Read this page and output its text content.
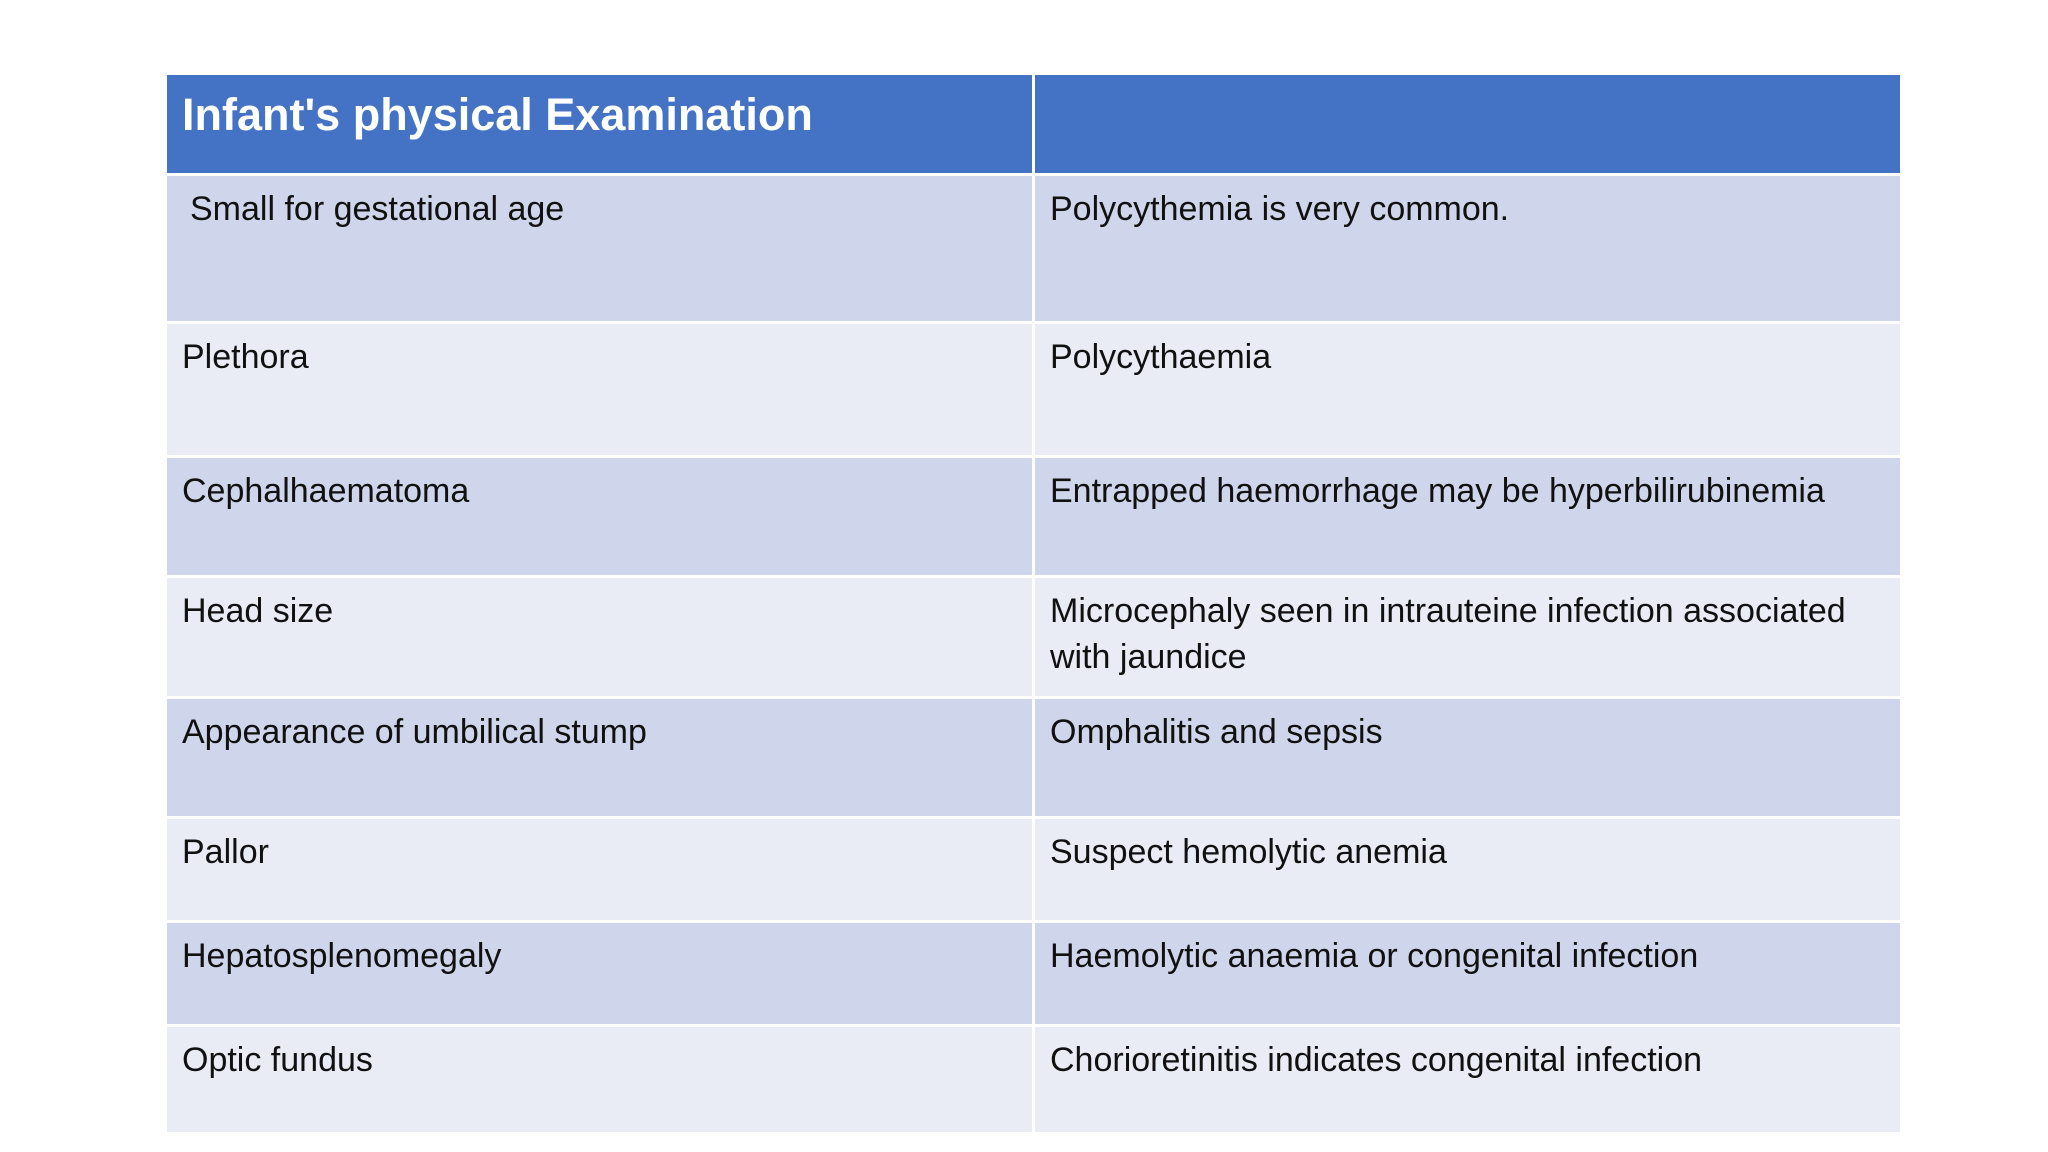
Infant's physical Examination	
Small for gestational age	Polycythemia is very common.
Plethora	Polycythaemia
Cephalhaematoma	Entrapped haemorrhage may be hyperbilirubinemia
Head size	Microcephaly seen in intrauteine infection associated with jaundice
Appearance of umbilical stump	Omphalitis and sepsis
Pallor	Suspect hemolytic anemia
Hepatosplenomegaly	Haemolytic anaemia or congenital infection
Optic fundus	Chorioretinitis indicates congenital infection
